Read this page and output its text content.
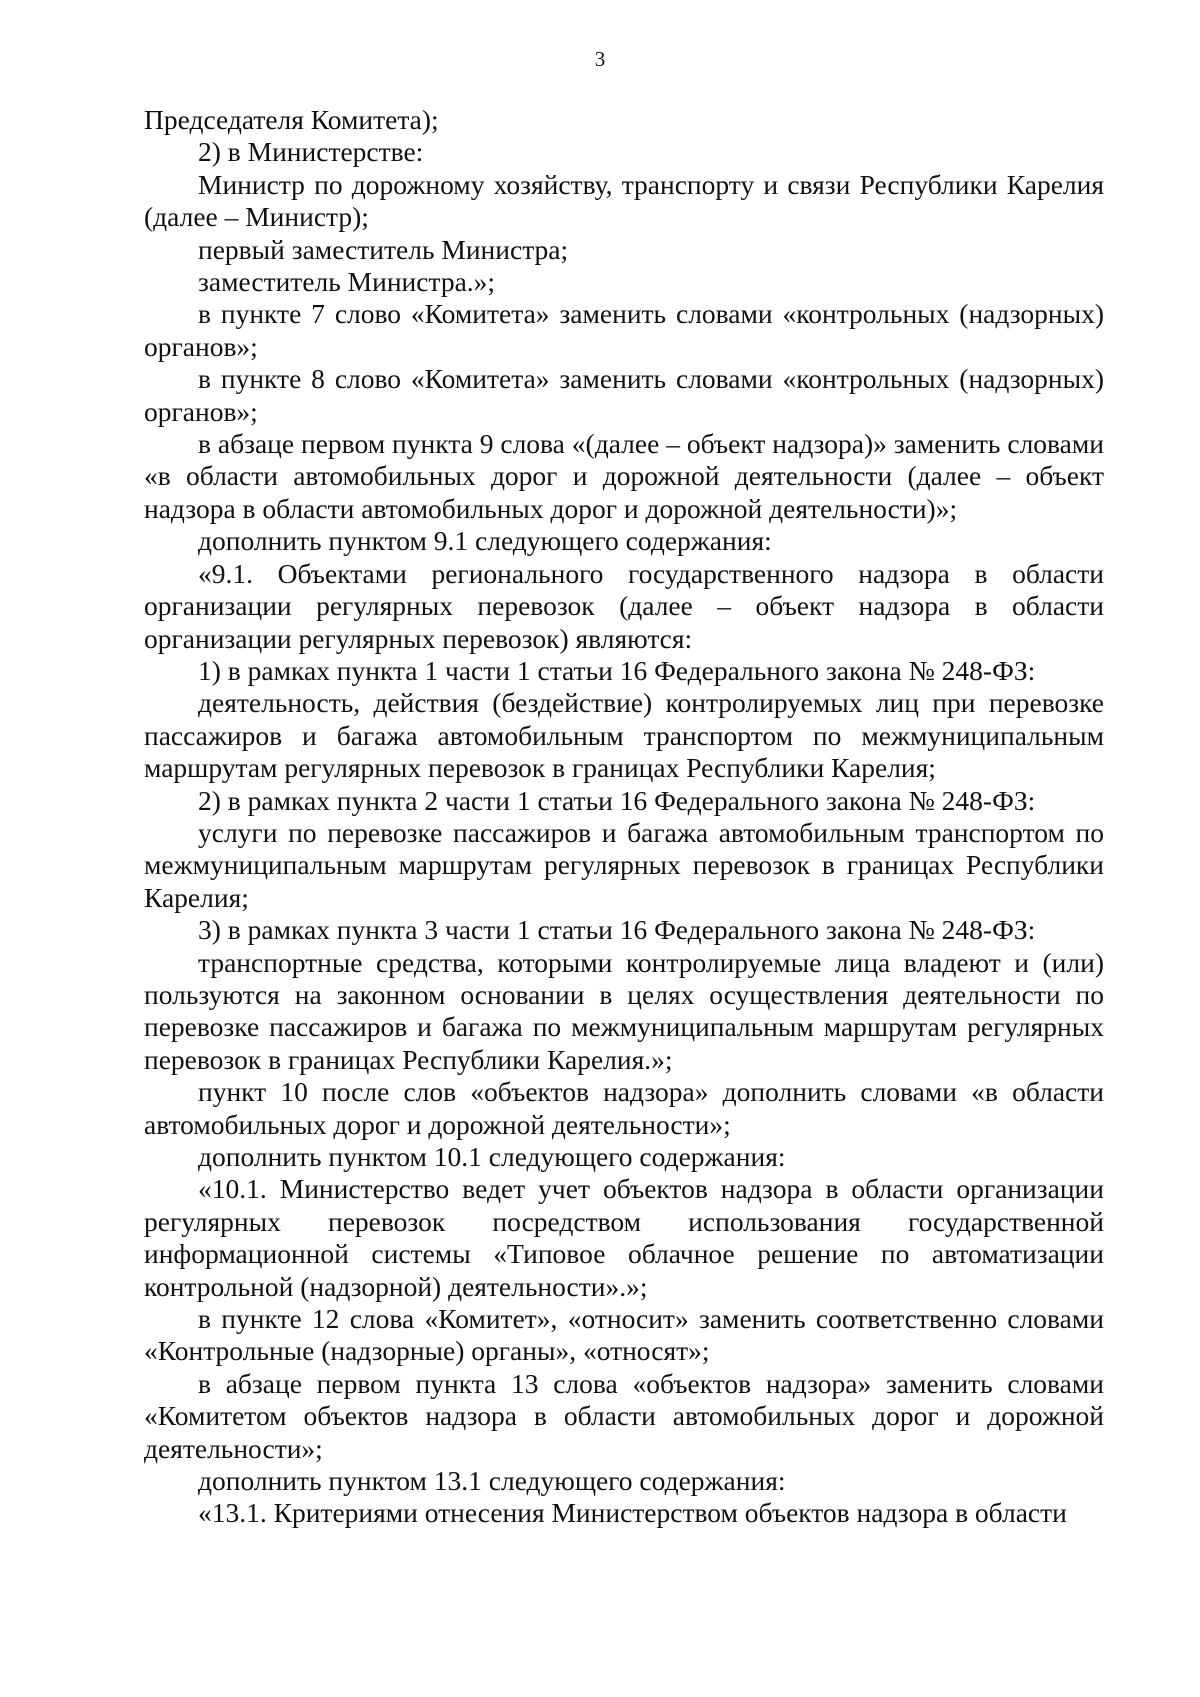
3

Председателя Комитета);

2) в Министерстве:

Министр по дорожному хозяйству, транспорту и связи Республики Карелия (далее – Министр);

первый заместитель Министра;

заместитель Министра.»;

в пункте 7 слово «Комитета» заменить словами «контрольных (надзорных) органов»;

в пункте 8 слово «Комитета» заменить словами «контрольных (надзорных) органов»;

в абзаце первом пункта 9 слова «(далее – объект надзора)» заменить словами «в области автомобильных дорог и дорожной деятельности (далее – объект надзора в области автомобильных дорог и дорожной деятельности)»;

дополнить пунктом 9.1 следующего содержания:

«9.1. Объектами регионального государственного надзора в области организации регулярных перевозок (далее – объект надзора в области организации регулярных перевозок) являются:

1) в рамках пункта 1 части 1 статьи 16 Федерального закона № 248-ФЗ:

деятельность, действия (бездействие) контролируемых лиц при перевозке пассажиров и багажа автомобильным транспортом по межмуниципальным маршрутам регулярных перевозок в границах Республики Карелия;

2) в рамках пункта 2 части 1 статьи 16 Федерального закона № 248-ФЗ:

услуги по перевозке пассажиров и багажа автомобильным транспортом по межмуниципальным маршрутам регулярных перевозок в границах Республики Карелия;

3) в рамках пункта 3 части 1 статьи 16 Федерального закона № 248-ФЗ:

транспортные средства, которыми контролируемые лица владеют и (или) пользуются на законном основании в целях осуществления деятельности по перевозке пассажиров и багажа по межмуниципальным маршрутам регулярных перевозок в границах Республики Карелия.»;

пункт 10 после слов «объектов надзора» дополнить словами «в области автомобильных дорог и дорожной деятельности»;

дополнить пунктом 10.1 следующего содержания:

«10.1. Министерство ведет учет объектов надзора в области организации регулярных перевозок посредством использования государственной информационной системы «Типовое облачное решение по автоматизации контрольной (надзорной) деятельности».»;

в пункте 12 слова «Комитет», «относит» заменить соответственно словами «Контрольные (надзорные) органы», «относят»;

в абзаце первом пункта 13 слова «объектов надзора» заменить словами «Комитетом объектов надзора в области автомобильных дорог и дорожной деятельности»;

дополнить пунктом 13.1 следующего содержания:

«13.1. Критериями отнесения Министерством объектов надзора в области
